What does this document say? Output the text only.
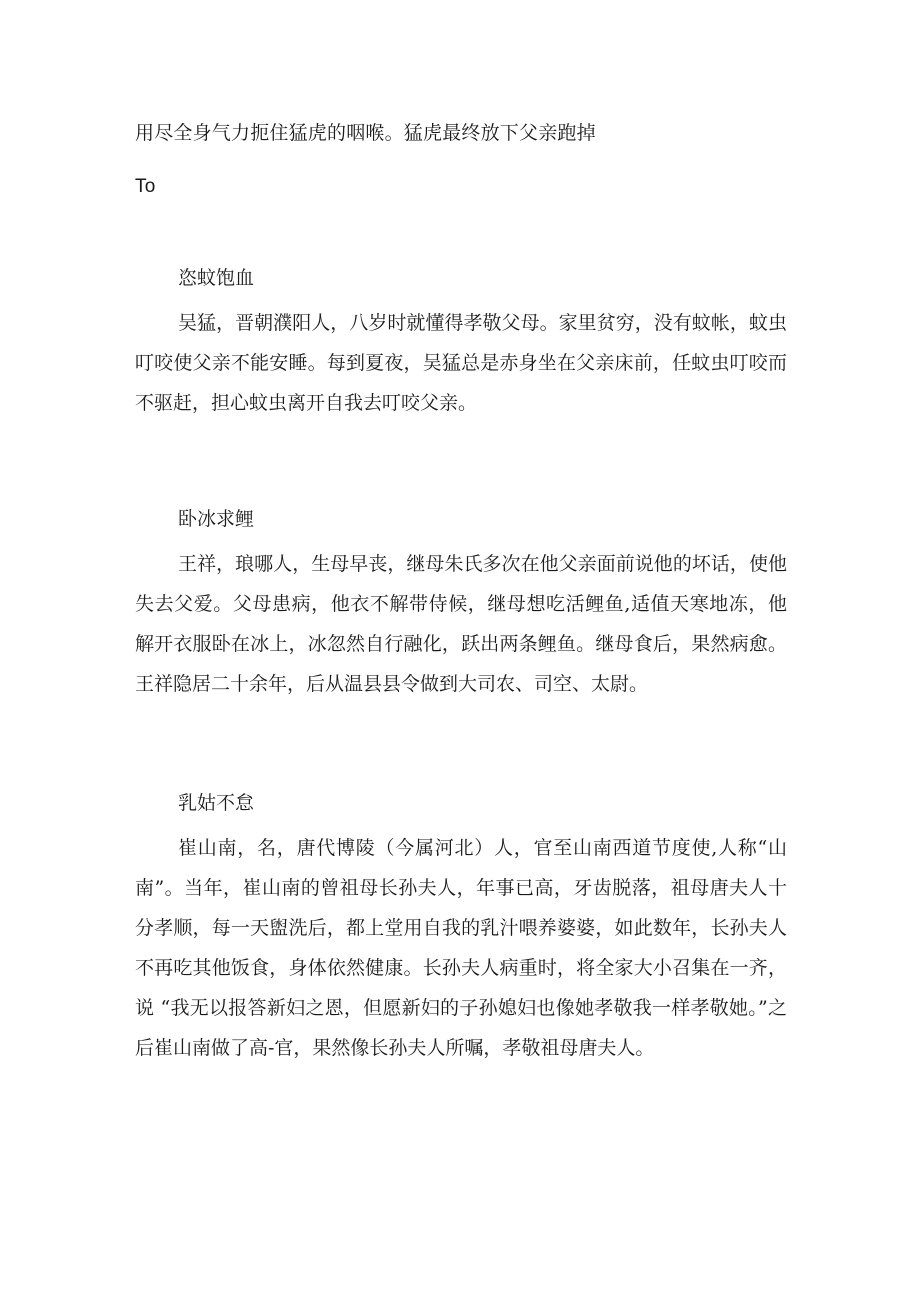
用尽全身气力扼住猛虎的咽喉。猛虎最终放下父亲跑掉
To
恣蚊饱血

吴猛，晋朝濮阳人，八岁时就懂得孝敬父母。家里贫穷，没有蚊帐，蚊虫叮咬使父亲不能安睡。每到夏夜，吴猛总是赤身坐在父亲床前，任蚊虫叮咬而不驱赶，担心蚊虫离开自我去叮咬父亲。

卧冰求鲤

王祥，琅哪人，生母早丧，继母朱氏多次在他父亲面前说他的坏话，使他失去父爱。父母患病，他衣不解带侍候，继母想吃活鲤鱼,适值天寒地冻，他解开衣服卧在冰上，冰忽然自行融化，跃出两条鲤鱼。继母食后，果然病愈。王祥隐居二十余年，后从温县县令做到大司农、司空、太尉。

乳姑不怠

崔山南，名，唐代博陵（今属河北）人，官至山南西道节度使,人称“山南”。当年，崔山南的曾祖母长孙夫人，年事已高，牙齿脱落，祖母唐夫人十分孝顺，每一天盥洗后，都上堂用自我的乳汁喂养婆婆，如此数年，长孙夫人不再吃其他饭食，身体依然健康。长孙夫人病重时，将全家大小召集在一齐，说 “我无以报答新妇之恩，但愿新妇的子孙媳妇也像她孝敬我一样孝敬她。”之后崔山南做了高-官，果然像长孙夫人所嘱，孝敬祖母唐夫人。
